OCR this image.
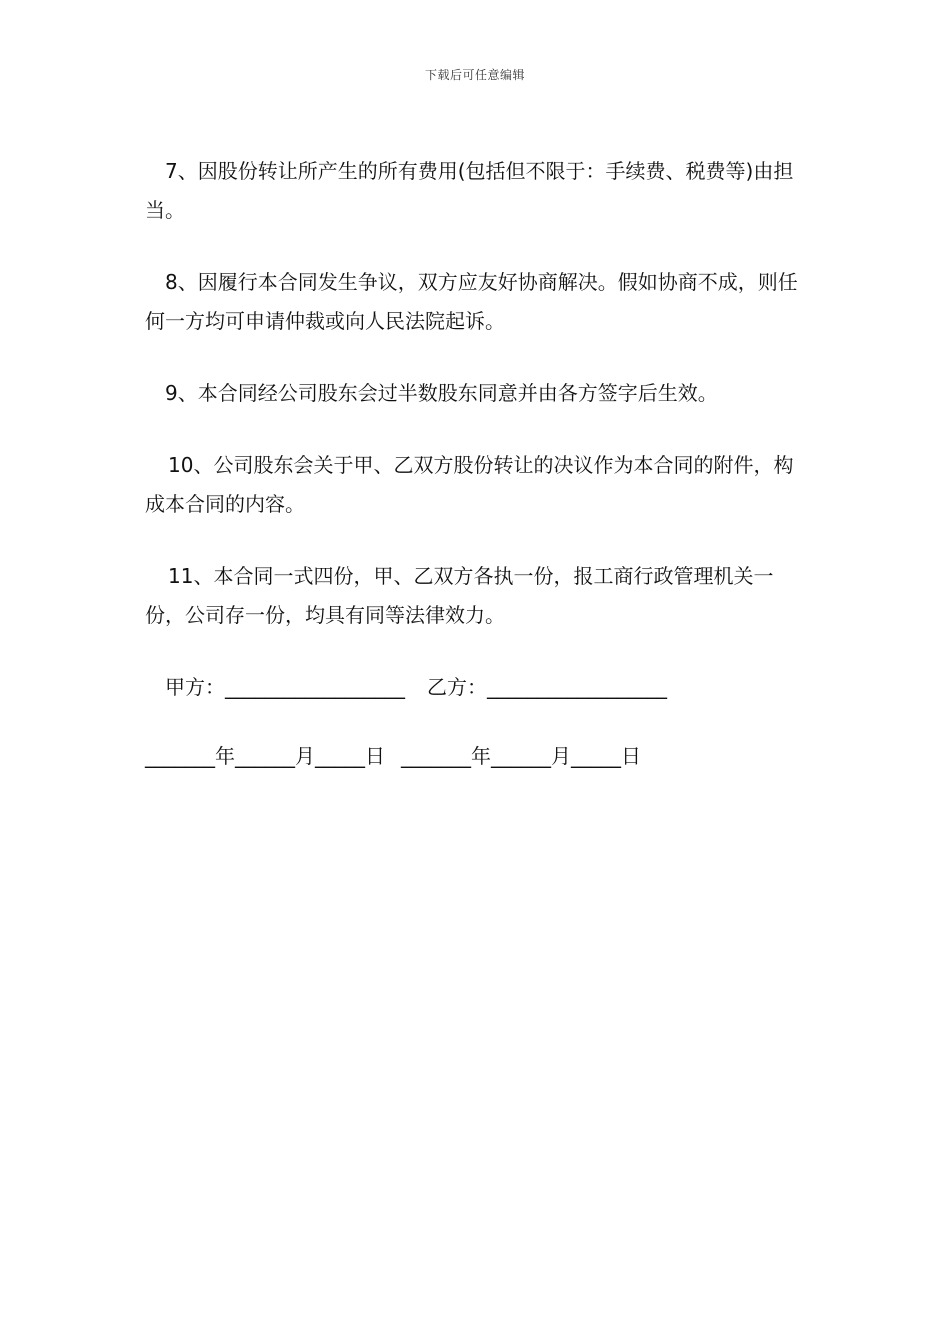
下载后可任意编辑

7、因股份转让所产生的所有费用(包括但不限于：手续费、税费等)由担当。

8、因履行本合同发生争议，双方应友好协商解决。假如协商不成，则任何一方均可申请仲裁或向人民法院起诉。

9、本合同经公司股东会过半数股东同意并由各方签字后生效。

10、公司股东会关于甲、乙双方股份转让的决议作为本合同的附件，构成本合同的内容。

11、本合同一式四份，甲、乙双方各执一份，报工商行政管理机关一份，公司存一份，均具有同等法律效力。

甲方：__________________ 乙方：__________________
_______年______月_____日 _______年______月_____日
